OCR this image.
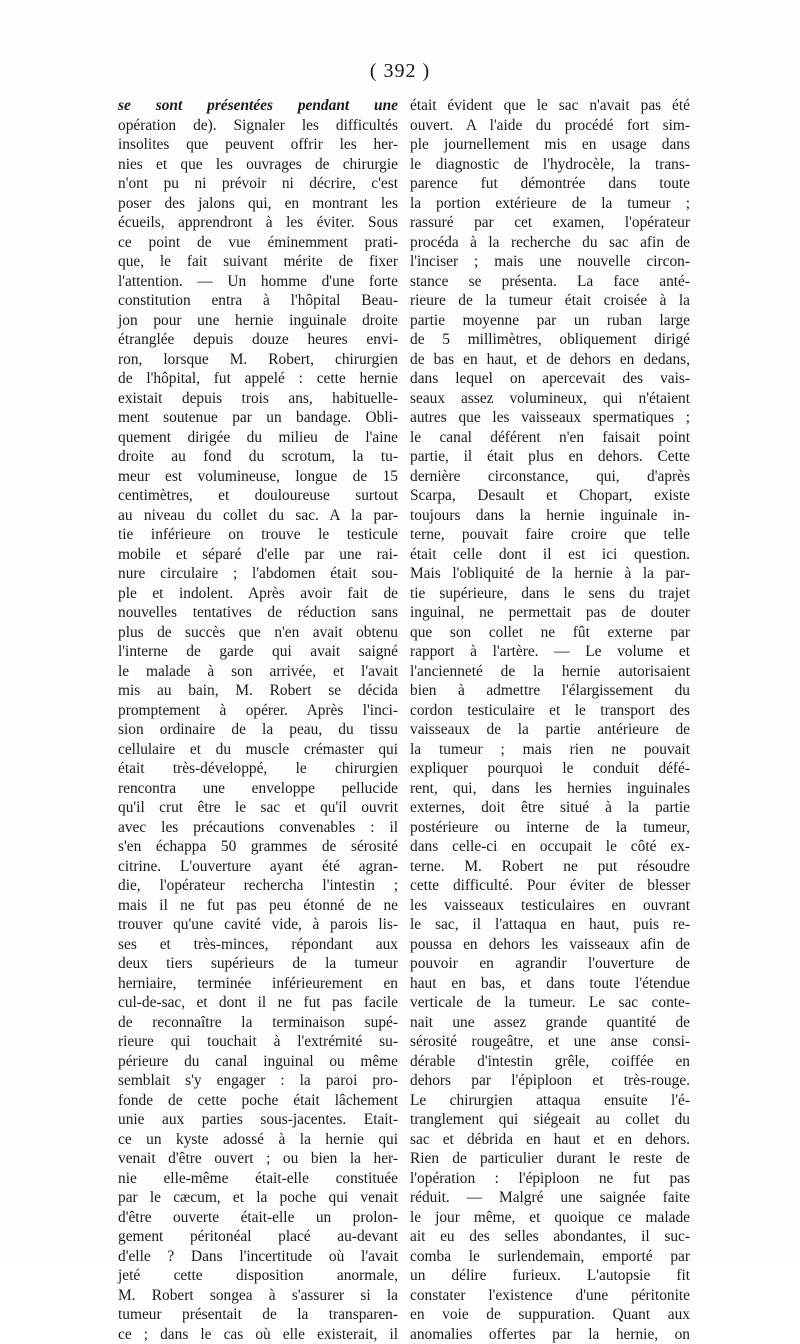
( 392 )
se sont présentées pendant une
opération de). Signaler les difficultés
insolites que peuvent offrir les her-
nies et que les ouvrages de chirurgie
n'ont pu ni prévoir ni décrire, c'est
poser des jalons qui, en montrant les
écueils, apprendront à les éviter. Sous
ce point de vue éminemment prati-
que, le fait suivant mérite de fixer
l'attention. — Un homme d'une forte
constitution entra à l'hôpital Beau-
jon pour une hernie inguinale droite
étranglée depuis douze heures envi-
ron, lorsque M. Robert, chirurgien
de l'hôpital, fut appelé : cette hernie
existait depuis trois ans, habituelle-
ment soutenue par un bandage. Obli-
quement dirigée du milieu de l'aine
droite au fond du scrotum, la tu-
meur est volumineuse, longue de 15
centimètres, et douloureuse surtout
au niveau du collet du sac. A la par-
tie inférieure on trouve le testicule
mobile et séparé d'elle par une rai-
nure circulaire ; l'abdomen était sou-
ple et indolent. Après avoir fait de
nouvelles tentatives de réduction sans
plus de succès que n'en avait obtenu
l'interne de garde qui avait saigné
le malade à son arrivée, et l'avait
mis au bain, M. Robert se décida
promptement à opérer. Après l'inci-
sion ordinaire de la peau, du tissu
cellulaire et du muscle crémaster qui
était très-développé, le chirurgien
rencontra une enveloppe pellucide
qu'il crut être le sac et qu'il ouvrit
avec les précautions convenables : il
s'en échappa 50 grammes de sérosité
citrine. L'ouverture ayant été agran-
die, l'opérateur rechercha l'intestin ;
mais il ne fut pas peu étonné de ne
trouver qu'une cavité vide, à parois lis-
ses et très-minces, répondant aux
deux tiers supérieurs de la tumeur
herniaire, terminée inférieurement en
cul-de-sac, et dont il ne fut pas facile
de reconnaître la terminaison supé-
rieure qui touchait à l'extrémité su-
périeure du canal inguinal ou même
semblait s'y engager : la paroi pro-
fonde de cette poche était lâchement
unie aux parties sous-jacentes. Etait-
ce un kyste adossé à la hernie qui
venait d'être ouvert ; ou bien la her-
nie elle-même était-elle constituée
par le cæcum, et la poche qui venait
d'être ouverte était-elle un prolon-
gement péritonéal placé au-devant
d'elle ? Dans l'incertitude où l'avait
jeté cette disposition anormale,
M. Robert songea à s'assurer si la
tumeur présentait de la transparen-
ce ; dans le cas où elle existerait, il
était évident que le sac n'avait pas été
ouvert. A l'aide du procédé fort sim-
ple journellement mis en usage dans
le diagnostic de l'hydrocèle, la trans-
parence fut démontrée dans toute
la portion extérieure de la tumeur ;
rassuré par cet examen, l'opérateur
procéda à la recherche du sac afin de
l'inciser ; mais une nouvelle circon-
stance se présenta. La face anté-
rieure de la tumeur était croisée à la
partie moyenne par un ruban large
de 5 millimètres, obliquement dirigé
de bas en haut, et de dehors en dedans,
dans lequel on apercevait des vais-
seaux assez volumineux, qui n'étaient
autres que les vaisseaux spermatiques ;
le canal déférent n'en faisait point
partie, il était plus en dehors. Cette
dernière circonstance, qui, d'après
Scarpa, Desault et Chopart, existe
toujours dans la hernie inguinale in-
terne, pouvait faire croire que telle
était celle dont il est ici question.
Mais l'obliquité de la hernie à la par-
tie supérieure, dans le sens du trajet
inguinal, ne permettait pas de douter
que son collet ne fût externe par
rapport à l'artère. — Le volume et
l'ancienneté de la hernie autorisaient
bien à admettre l'élargissement du
cordon testiculaire et le transport des
vaisseaux de la partie antérieure de
la tumeur ; mais rien ne pouvait
expliquer pourquoi le conduit défé-
rent, qui, dans les hernies inguinales
externes, doit être situé à la partie
postérieure ou interne de la tumeur,
dans celle-ci en occupait le côté ex-
terne. M. Robert ne put résoudre
cette difficulté. Pour éviter de blesser
les vaisseaux testiculaires en ouvrant
le sac, il l'attaqua en haut, puis re-
poussa en dehors les vaisseaux afin de
pouvoir en agrandir l'ouverture de
haut en bas, et dans toute l'étendue
verticale de la tumeur. Le sac conte-
nait une assez grande quantité de
sérosité rougeâtre, et une anse consi-
dérable d'intestin grêle, coiffée en
dehors par l'épiploon et très-rouge.
Le chirurgien attaqua ensuite l'é-
tranglement qui siégeait au collet du
sac et débrida en haut et en dehors.
Rien de particulier durant le reste de
l'opération : l'épiploon ne fut pas
réduit. — Malgré une saignée faite
le jour même, et quoique ce malade
ait eu des selles abondantes, il suc-
comba le surlendemain, emporté par
un délire furieux. L'autopsie fit
constater l'existence d'une péritonite
en voie de suppuration. Quant aux
anomalies offertes par la hernie, on
